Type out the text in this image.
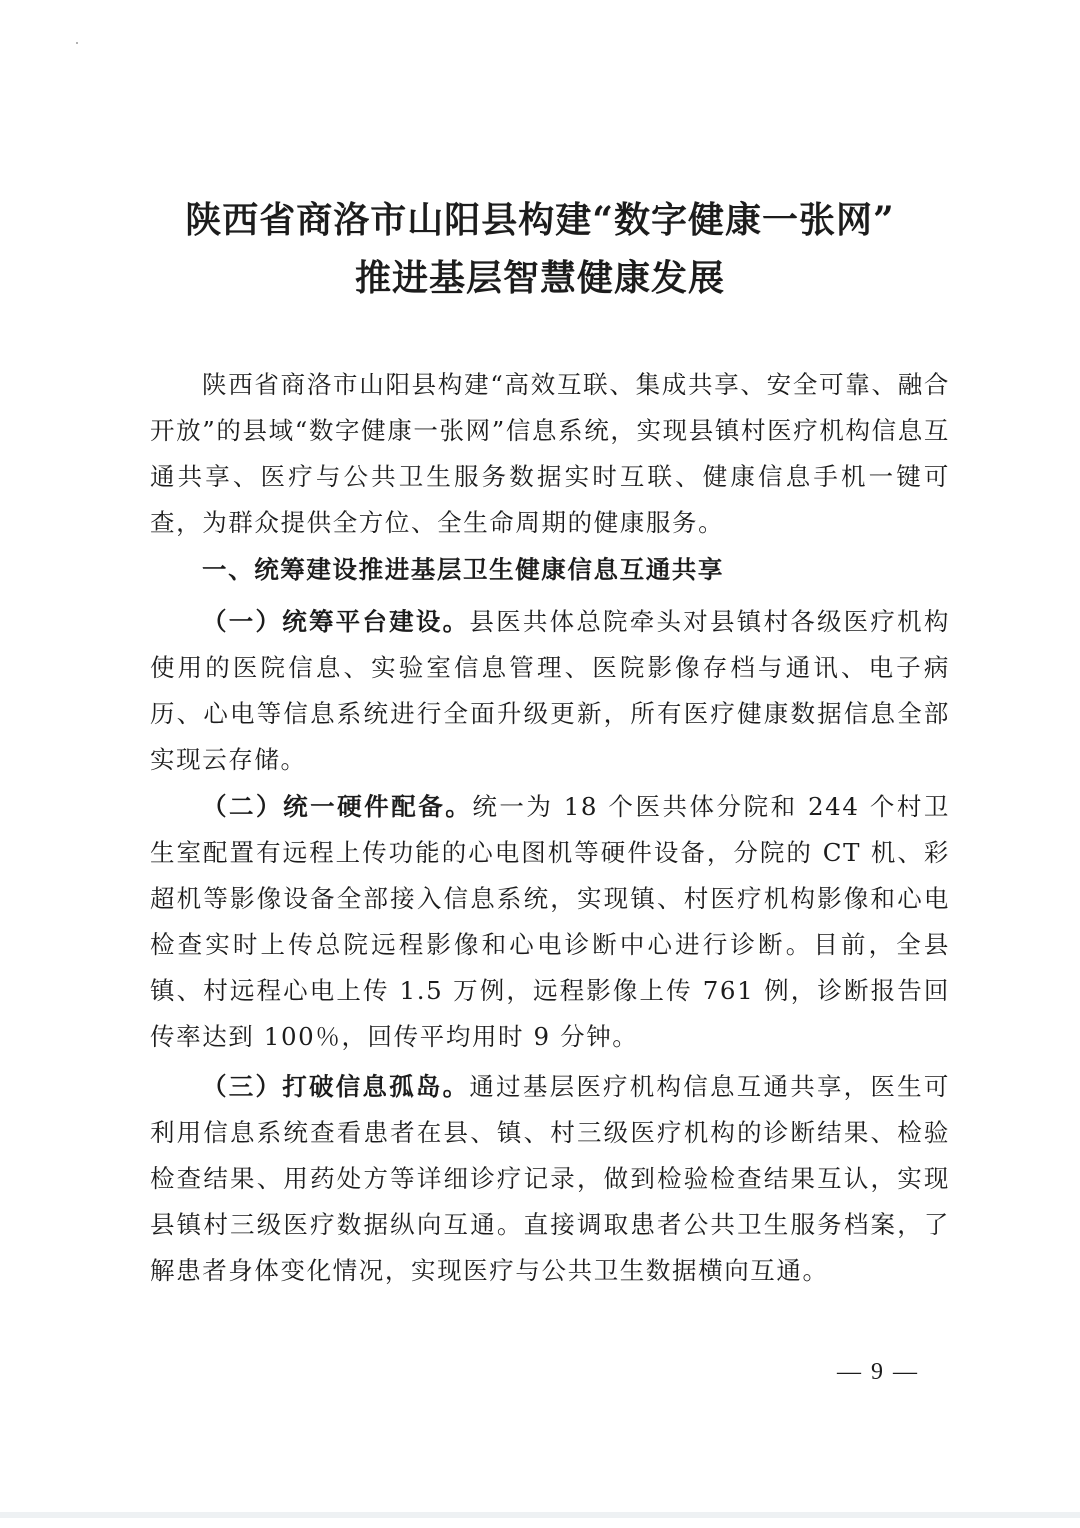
陕西省商洛市山阳县构建“数字健康一张网”
推进基层智慧健康发展
陕西省商洛市山阳县构建“高效互联、集成共享、安全可靠、融合开放”的县域“数字健康一张网”信息系统，实现县镇村医疗机构信息互通共享、医疗与公共卫生服务数据实时互联、健康信息手机一键可查，为群众提供全方位、全生命周期的健康服务。
一、统筹建设推进基层卫生健康信息互通共享
（一）统筹平台建设。县医共体总院牵头对县镇村各级医疗机构使用的医院信息、实验室信息管理、医院影像存档与通讯、电子病历、心电等信息系统进行全面升级更新，所有医疗健康数据信息全部实现云存储。
（二）统一硬件配备。统一为 18 个医共体分院和 244 个村卫生室配置有远程上传功能的心电图机等硬件设备，分院的 CT 机、彩超机等影像设备全部接入信息系统，实现镇、村医疗机构影像和心电检查实时上传总院远程影像和心电诊断中心进行诊断。目前，全县镇、村远程心电上传 1.5 万例，远程影像上传 761 例，诊断报告回传率达到 100％，回传平均用时 9 分钟。
（三）打破信息孤岛。通过基层医疗机构信息互通共享，医生可利用信息系统查看患者在县、镇、村三级医疗机构的诊断结果、检验检查结果、用药处方等详细诊疗记录，做到检验检查结果互认，实现县镇村三级医疗数据纵向互通。直接调取患者公共卫生服务档案，了解患者身体变化情况，实现医疗与公共卫生数据横向互通。
— 9 —
